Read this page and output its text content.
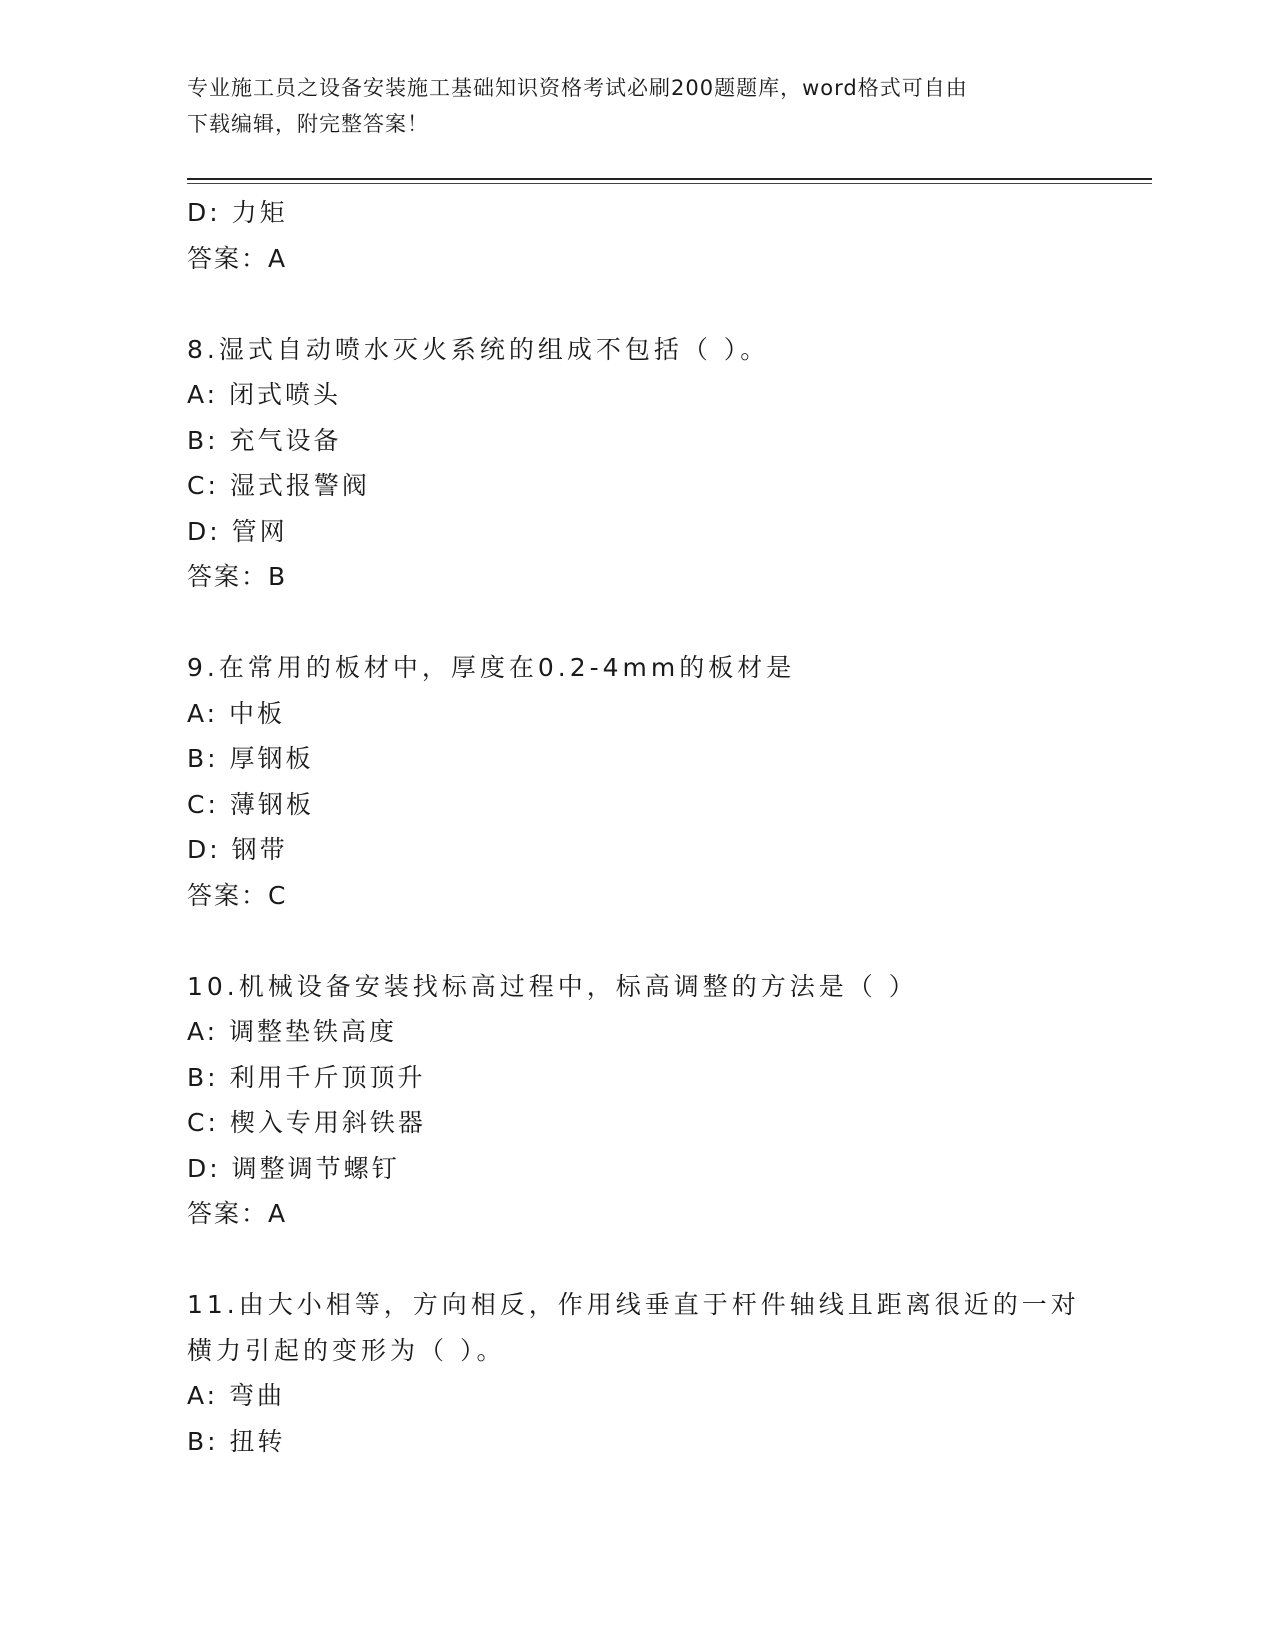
专业施工员之设备安装施工基础知识资格考试必刷200题题库，word格式可自由
下载编辑，附完整答案！
D: 力矩
答案：A
8.湿式自动喷水灭火系统的组成不包括（ ）。
A: 闭式喷头
B: 充气设备
C: 湿式报警阀
D: 管网
答案：B
9.在常用的板材中，厚度在0.2-4mm的板材是
A: 中板
B: 厚钢板
C: 薄钢板
D: 钢带
答案：C
10.机械设备安装找标高过程中，标高调整的方法是（ ）
A: 调整垫铁高度
B: 利用千斤顶顶升
C: 楔入专用斜铁器
D: 调整调节螺钉
答案：A
11.由大小相等，方向相反，作用线垂直于杆件轴线且距离很近的一对
横力引起的变形为（ ）。
A: 弯曲
B: 扭转
